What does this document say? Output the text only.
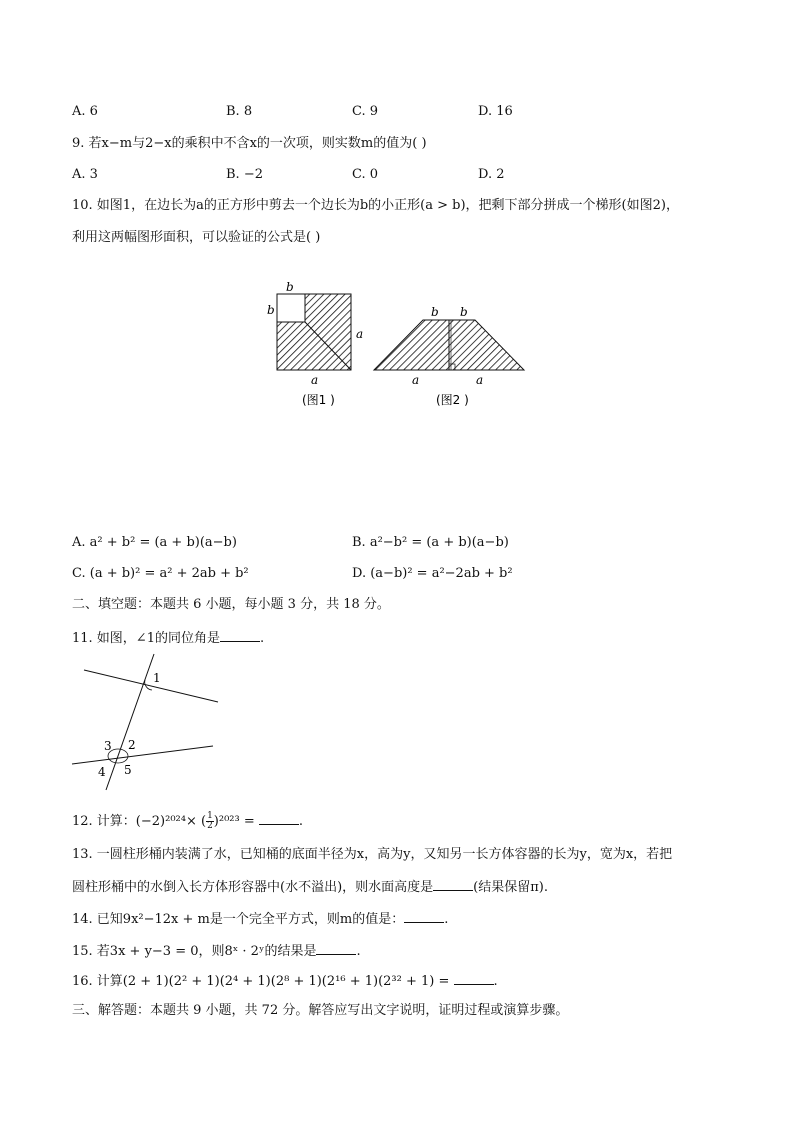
A. 6	B. 8	C. 9	D. 16
9. 若x−m与2−x的乘积中不含x的一次项，则实数m的值为( )
A. 3	B. −2	C. 0	D. 2
10. 如图1，在边长为a的正方形中剪去一个边长为b的小正形(a > b)，把剩下部分拼成一个梯形(如图2)，
利用这两幅图形面积，可以验证的公式是( )
b
b
a
a
b b
a	a
(图1 )	(图2 )
A. a² + b² = (a + b)(a−b)	B. a²−b² = (a + b)(a−b)
C. (a + b)² = a² + 2ab + b²	D. (a−b)² = a²−2ab + b²
二、填空题：本题共 6 小题，每小题 3 分，共 18 分。
11. 如图，∠1的同位角是	.
1
3 2
4 5
12. 计算：(−2)²⁰²⁴× ( $\frac{1}{2} )^{2023}$ =	.
13. 一圆柱形桶内装满了水，已知桶的底面半径为x，高为y，又知另一长方体容器的长为y，宽为x，若把
圆柱形桶中的水倒入长方体形容器中(水不溢出)，则水面高度是	(结果保留π).
14. 已知9x²−12x + m是一个完全平方式，则m的值是：	.
15. 若3x + y−3 = 0，则8ˣ · 2ʸ的结果是	.
16. 计算(2 + 1)(2² + 1)(2⁴ + 1)(2⁸ + 1)(2¹⁶ + 1)(2³² + 1) =	.
三、解答题：本题共 9 小题，共 72 分。解答应写出文字说明，证明过程或演算步骤。
